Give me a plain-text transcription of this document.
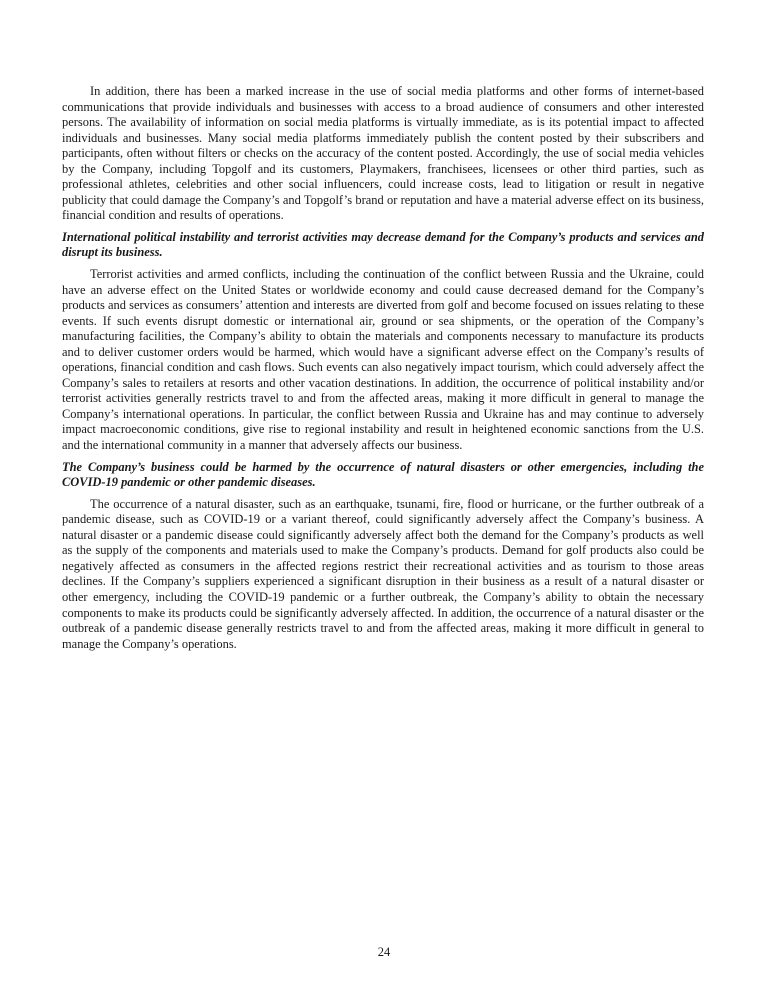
In addition, there has been a marked increase in the use of social media platforms and other forms of internet-based communications that provide individuals and businesses with access to a broad audience of consumers and other interested persons. The availability of information on social media platforms is virtually immediate, as is its potential impact to affected individuals and businesses. Many social media platforms immediately publish the content posted by their subscribers and participants, often without filters or checks on the accuracy of the content posted. Accordingly, the use of social media vehicles by the Company, including Topgolf and its customers, Playmakers, franchisees, licensees or other third parties, such as professional athletes, celebrities and other social influencers, could increase costs, lead to litigation or result in negative publicity that could damage the Company’s and Topgolf’s brand or reputation and have a material adverse effect on its business, financial condition and results of operations.

International political instability and terrorist activities may decrease demand for the Company’s products and services and disrupt its business.

Terrorist activities and armed conflicts, including the continuation of the conflict between Russia and the Ukraine, could have an adverse effect on the United States or worldwide economy and could cause decreased demand for the Company’s products and services as consumers’ attention and interests are diverted from golf and become focused on issues relating to these events. If such events disrupt domestic or international air, ground or sea shipments, or the operation of the Company’s manufacturing facilities, the Company’s ability to obtain the materials and components necessary to manufacture its products and to deliver customer orders would be harmed, which would have a significant adverse effect on the Company’s results of operations, financial condition and cash flows. Such events can also negatively impact tourism, which could adversely affect the Company’s sales to retailers at resorts and other vacation destinations. In addition, the occurrence of political instability and/or terrorist activities generally restricts travel to and from the affected areas, making it more difficult in general to manage the Company’s international operations. In particular, the conflict between Russia and Ukraine has and may continue to adversely impact macroeconomic conditions, give rise to regional instability and result in heightened economic sanctions from the U.S. and the international community in a manner that adversely affects our business.

The Company’s business could be harmed by the occurrence of natural disasters or other emergencies, including the COVID-19 pandemic or other pandemic diseases.

The occurrence of a natural disaster, such as an earthquake, tsunami, fire, flood or hurricane, or the further outbreak of a pandemic disease, such as COVID-19 or a variant thereof, could significantly adversely affect the Company’s business. A natural disaster or a pandemic disease could significantly adversely affect both the demand for the Company’s products as well as the supply of the components and materials used to make the Company’s products. Demand for golf products also could be negatively affected as consumers in the affected regions restrict their recreational activities and as tourism to those areas declines. If the Company’s suppliers experienced a significant disruption in their business as a result of a natural disaster or other emergency, including the COVID-19 pandemic or a further outbreak, the Company’s ability to obtain the necessary components to make its products could be significantly adversely affected. In addition, the occurrence of a natural disaster or the outbreak of a pandemic disease generally restricts travel to and from the affected areas, making it more difficult in general to manage the Company’s operations.

24
